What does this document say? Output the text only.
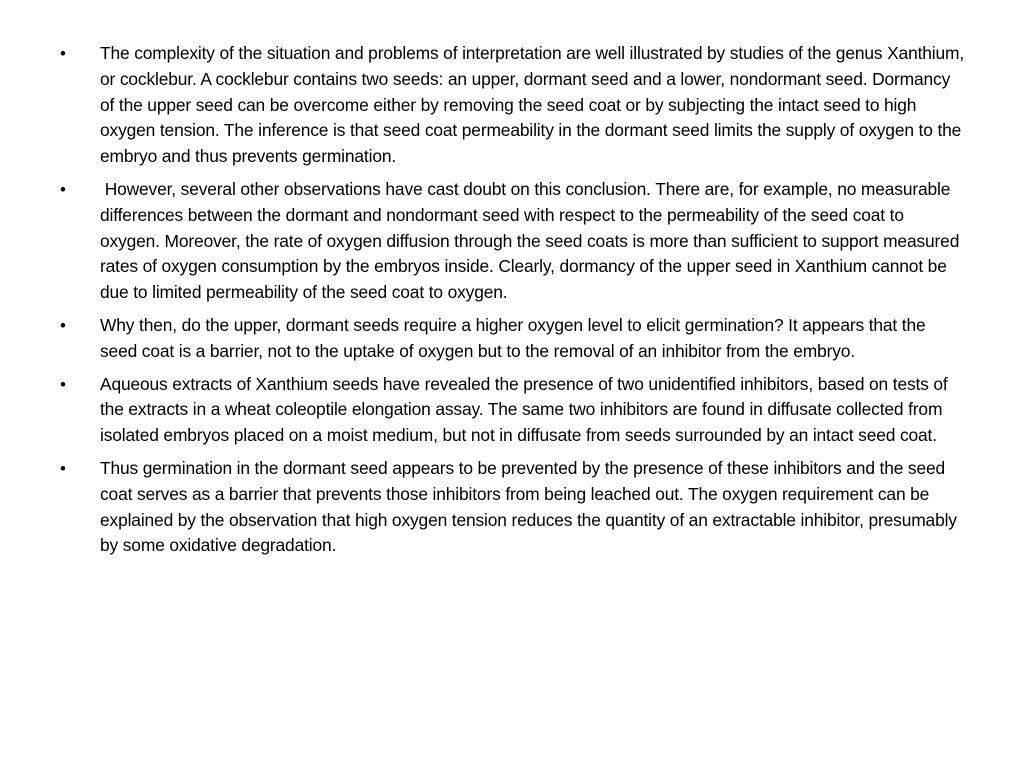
•	The complexity of the situation and problems of interpretation are well illustrated by studies of the genus Xanthium, or cocklebur. A cocklebur contains two seeds: an upper, dormant seed and a lower, nondormant seed. Dormancy of the upper seed can be overcome either by removing the seed coat or by subjecting the intact seed to high oxygen tension. The inference is that seed coat permeability in the dormant seed limits the supply of oxygen to the embryo and thus prevents germination.
•	However, several other observations have cast doubt on this conclusion. There are, for example, no measurable differences between the dormant and nondormant seed with respect to the permeability of the seed coat to oxygen. Moreover, the rate of oxygen diffusion through the seed coats is more than sufficient to support measured rates of oxygen consumption by the embryos inside. Clearly, dormancy of the upper seed in Xanthium cannot be due to limited permeability of the seed coat to oxygen.
•	Why then, do the upper, dormant seeds require a higher oxygen level to elicit germination? It appears that the seed coat is a barrier, not to the uptake of oxygen but to the removal of an inhibitor from the embryo.
•	Aqueous extracts of Xanthium seeds have revealed the presence of two unidentified inhibitors, based on tests of the extracts in a wheat coleoptile elongation assay. The same two inhibitors are found in diffusate collected from isolated embryos placed on a moist medium, but not in diffusate from seeds surrounded by an intact seed coat.
•	Thus germination in the dormant seed appears to be prevented by the presence of these inhibitors and the seed coat serves as a barrier that prevents those inhibitors from being leached out. The oxygen requirement can be explained by the observation that high oxygen tension reduces the quantity of an extractable inhibitor, presumably by some oxidative degradation.
